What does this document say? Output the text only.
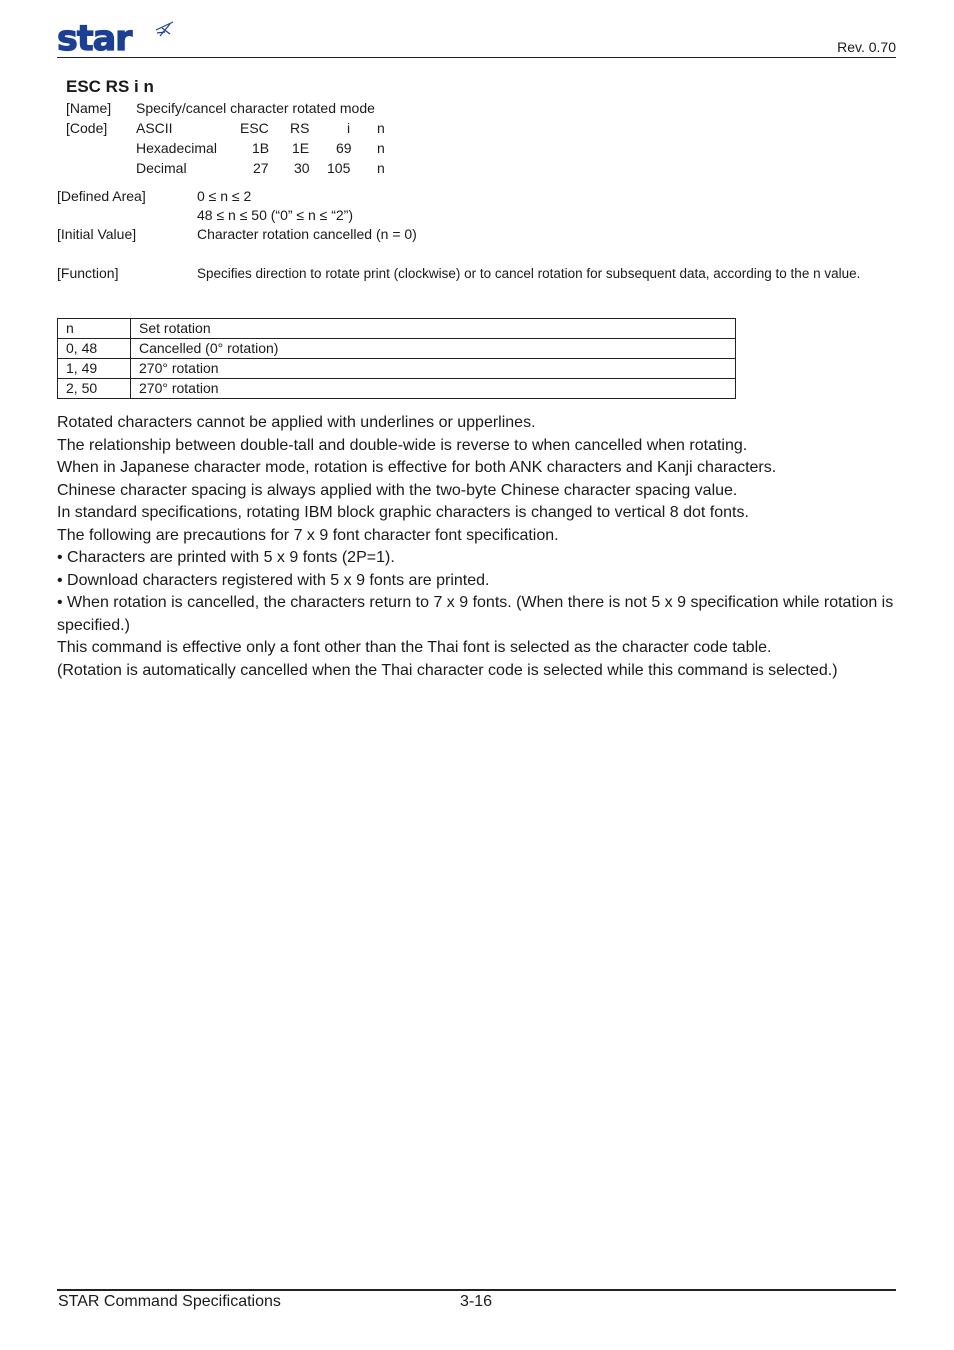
star	Rev. 0.70
ESC RS i n
[Name] Specify/cancel character rotated mode
[Code] ASCII	ESC RS	i n
Hexadecimal	1B 1E 69 n
Decimal	27 30 105 n
[Defined Area]	0 ≤ n ≤ 2
48 ≤ n ≤ 50 (“0” ≤ n ≤ “2”)
[Initial Value]	Character rotation cancelled (n = 0)
[Function]	Specifies direction to rotate print (clockwise) or to cancel rotation for subsequent data, according to the n value.
n	Set rotation
0, 48	Cancelled (0° rotation)
1, 49	270° rotation
2, 50	270° rotation

Rotated characters cannot be applied with underlines or upperlines.

The relationship between double-tall and double-wide is reverse to when cancelled when rotating.

When in Japanese character mode, rotation is effective for both ANK characters and Kanji characters.

Chinese character spacing is always applied with the two-byte Chinese character spacing value.

In standard specifications, rotating IBM block graphic characters is changed to vertical 8 dot fonts.

The following are precautions for 7 x 9 font character font specification.

• Characters are printed with 5 x 9 fonts (2P=1).

• Download characters registered with 5 x 9 fonts are printed.

• When rotation is cancelled, the characters return to 7 x 9 fonts. (When there is not 5 x 9 specification while rotation is specified.)

This command is effective only a font other than the Thai font is selected as the character code table.

(Rotation is automatically cancelled when the Thai character code is selected while this command is selected.)

STAR Command Specifications	3-16
